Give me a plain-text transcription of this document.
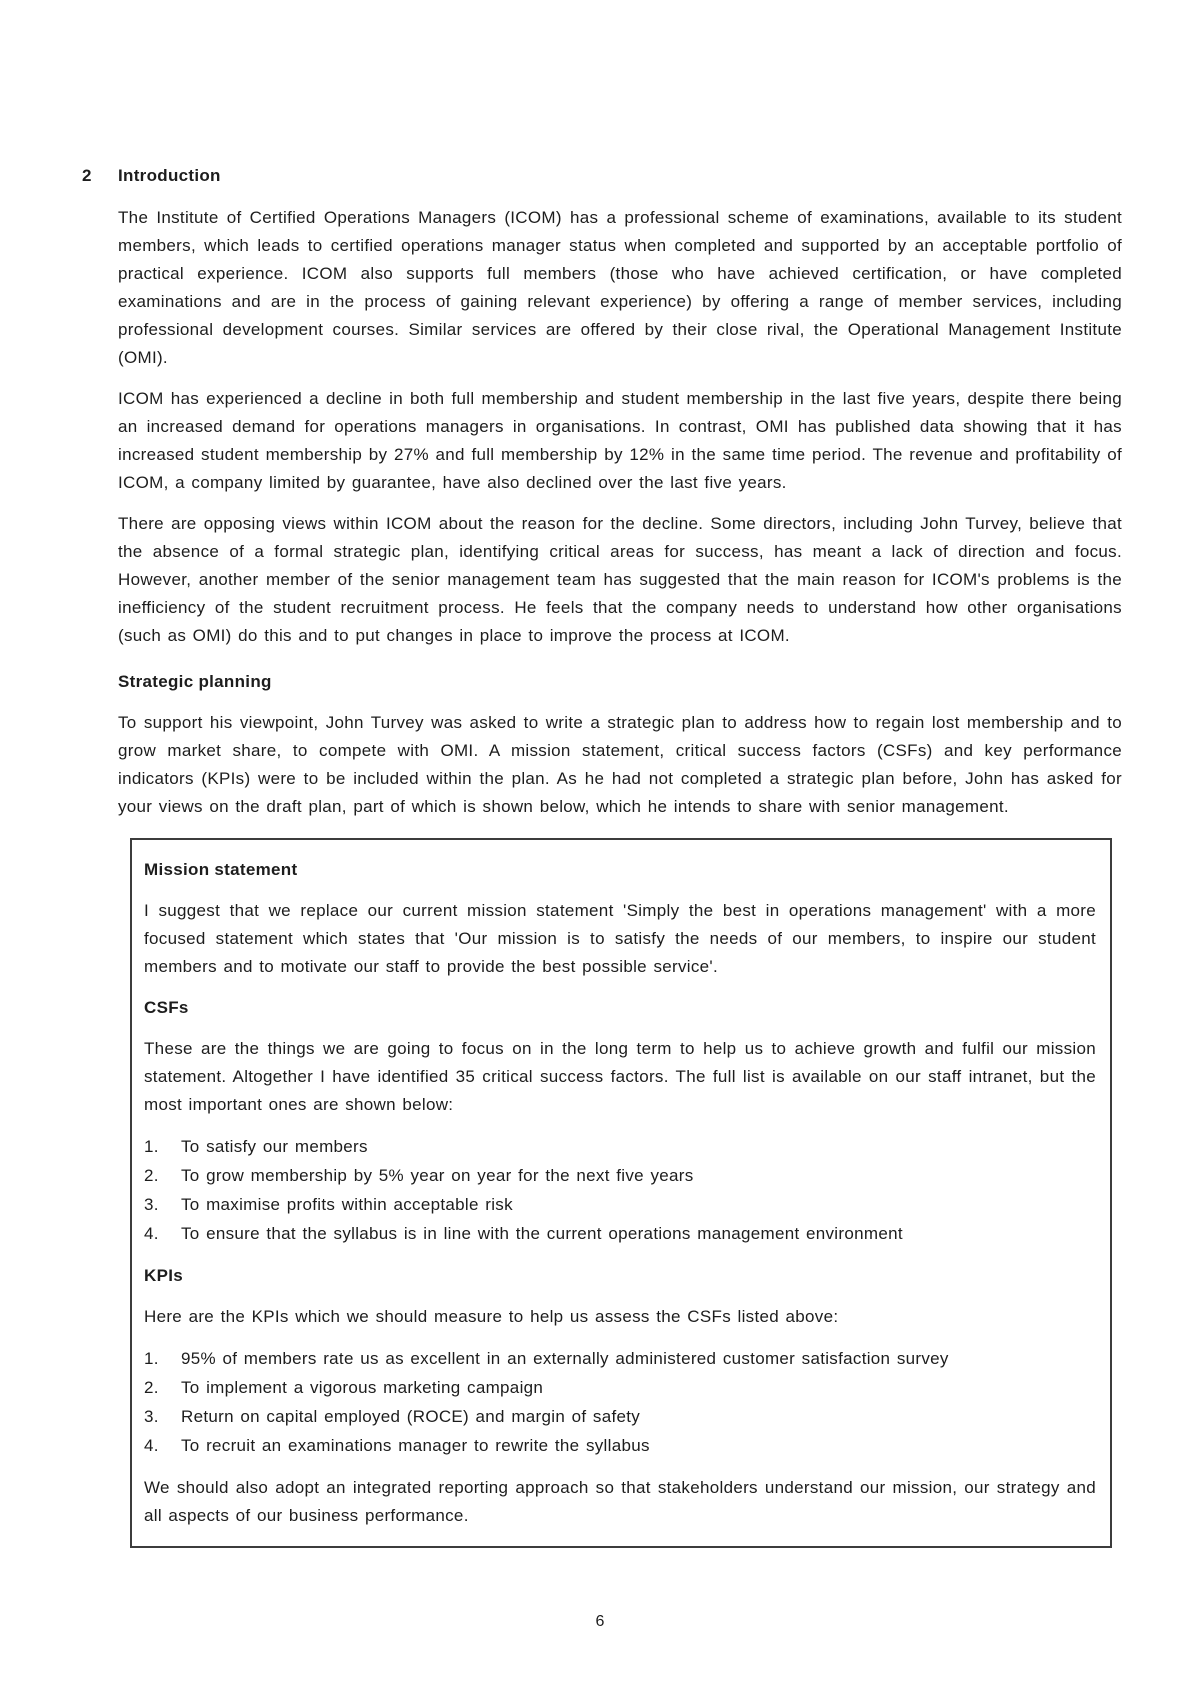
2 Introduction

The Institute of Certified Operations Managers (ICOM) has a professional scheme of examinations, available to its student members, which leads to certified operations manager status when completed and supported by an acceptable portfolio of practical experience. ICOM also supports full members (those who have achieved certification, or have completed examinations and are in the process of gaining relevant experience) by offering a range of member services, including professional development courses. Similar services are offered by their close rival, the Operational Management Institute (OMI).

ICOM has experienced a decline in both full membership and student membership in the last five years, despite there being an increased demand for operations managers in organisations. In contrast, OMI has published data showing that it has increased student membership by 27% and full membership by 12% in the same time period. The revenue and profitability of ICOM, a company limited by guarantee, have also declined over the last five years.

There are opposing views within ICOM about the reason for the decline. Some directors, including John Turvey, believe that the absence of a formal strategic plan, identifying critical areas for success, has meant a lack of direction and focus. However, another member of the senior management team has suggested that the main reason for ICOM's problems is the inefficiency of the student recruitment process. He feels that the company needs to understand how other organisations (such as OMI) do this and to put changes in place to improve the process at ICOM.

Strategic planning

To support his viewpoint, John Turvey was asked to write a strategic plan to address how to regain lost membership and to grow market share, to compete with OMI. A mission statement, critical success factors (CSFs) and key performance indicators (KPIs) were to be included within the plan. As he had not completed a strategic plan before, John has asked for your views on the draft plan, part of which is shown below, which he intends to share with senior management.

Mission statement

I suggest that we replace our current mission statement 'Simply the best in operations management' with a more focused statement which states that 'Our mission is to satisfy the needs of our members, to inspire our student members and to motivate our staff to provide the best possible service'.

CSFs

These are the things we are going to focus on in the long term to help us to achieve growth and fulfil our mission statement. Altogether I have identified 35 critical success factors. The full list is available on our staff intranet, but the most important ones are shown below:

1.	To satisfy our members
2.	To grow membership by 5% year on year for the next five years
3.	To maximise profits within acceptable risk
4.	To ensure that the syllabus is in line with the current operations management environment
KPIs

Here are the KPIs which we should measure to help us assess the CSFs listed above:

1.	95% of members rate us as excellent in an externally administered customer satisfaction survey
2.	To implement a vigorous marketing campaign
3.	Return on capital employed (ROCE) and margin of safety
4.	To recruit an examinations manager to rewrite the syllabus

We should also adopt an integrated reporting approach so that stakeholders understand our mission, our strategy and all aspects of our business performance.

6
